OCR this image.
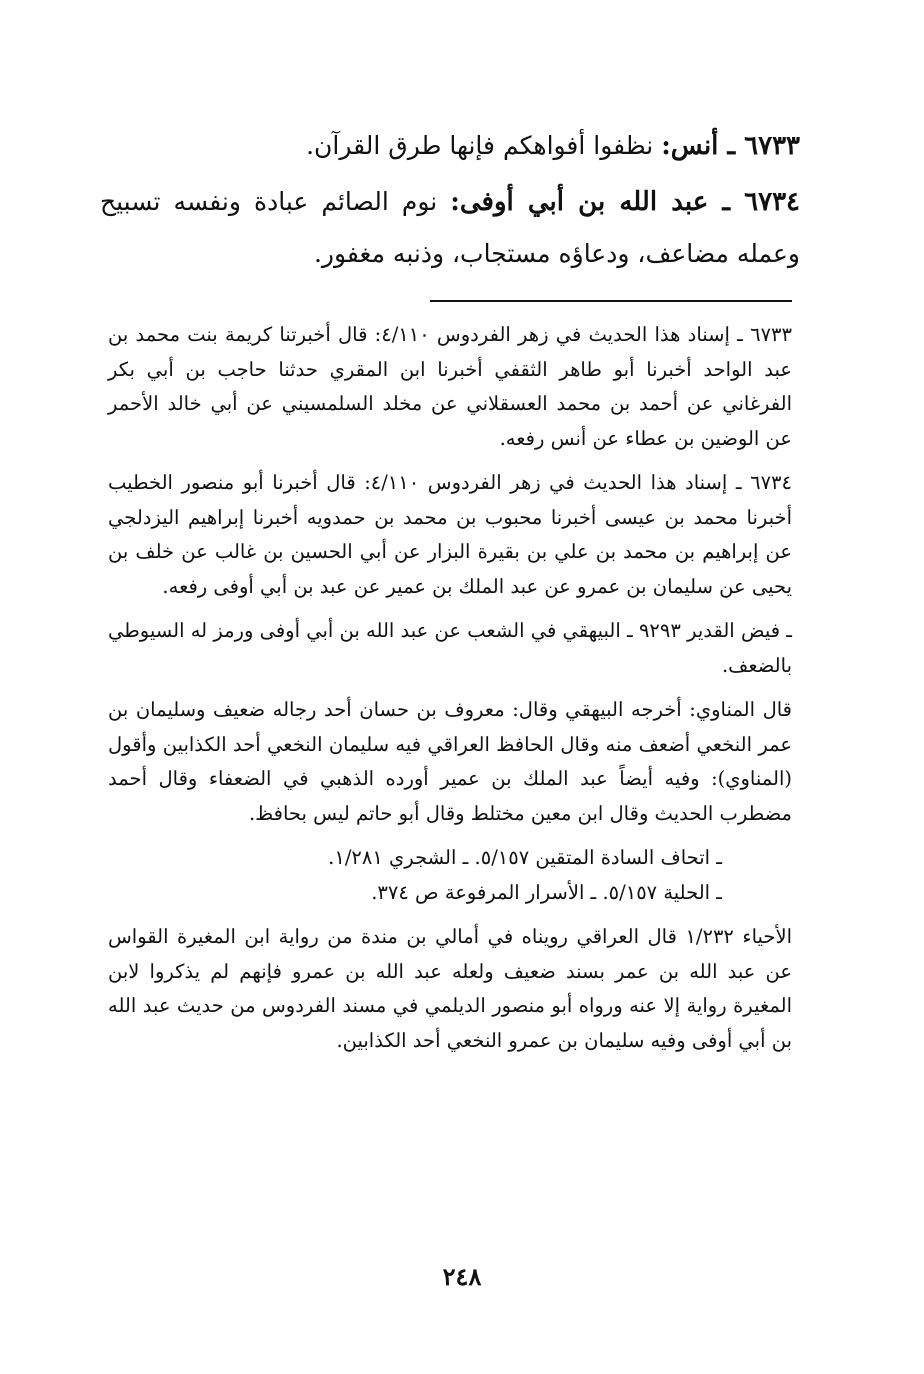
٦٧٣٣ ـ أنس: نظفوا أفواهكم فإنها طرق القرآن.

٦٧٣٤ ـ عبد الله بن أبي أوفى: نوم الصائم عبادة ونفسه تسبيح وعمله مضاعف، ودعاؤه مستجاب، وذنبه مغفور.

٦٧٣٣ ـ إسناد هذا الحديث في زهر الفردوس ٤/١١٠: قال أخبرتنا كريمة بنت محمد بن عبد الواحد أخبرنا أبو طاهر الثقفي أخبرنا ابن المقري حدثنا حاجب بن أبي بكر الفرغاني عن أحمد بن محمد العسقلاني عن مخلد السلمسيني عن أبي خالد الأحمر عن الوضين بن عطاء عن أنس رفعه.

٦٧٣٤ ـ إسناد هذا الحديث في زهر الفردوس ٤/١١٠: قال أخبرنا أبو منصور الخطيب أخبرنا محمد بن عيسى أخبرنا محبوب بن محمد بن حمدويه أخبرنا إبراهيم اليزدلجي عن إبراهيم بن محمد بن علي بن بقيرة البزار عن أبي الحسين بن غالب عن خلف بن يحيى عن سليمان بن عمرو عن عبد الملك بن عمير عن عبد بن أبي أوفى رفعه.

ـ فيض القدير ٩٢٩٣ ـ البيهقي في الشعب عن عبد الله بن أبي أوفى ورمز له السيوطي بالضعف.

قال المناوي: أخرجه البيهقي وقال: معروف بن حسان أحد رجاله ضعيف وسليمان بن عمر النخعي أضعف منه وقال الحافظ العراقي فيه سليمان النخعي أحد الكذابين وأقول (المناوي): وفيه أيضاً عبد الملك بن عمير أورده الذهبي في الضعفاء وقال أحمد مضطرب الحديث وقال ابن معين مختلط وقال أبو حاتم ليس بحافظ.

ـ اتحاف السادة المتقين ٥/١٥٧. ـ الشجري ١/٢٨١.
ـ الحلية ٥/١٥٧. ـ الأسرار المرفوعة ص ٣٧٤.

الأحياء ١/٢٣٢ قال العراقي رويناه في أمالي بن مندة من رواية ابن المغيرة القواس عن عبد الله بن عمر بسند ضعيف ولعله عبد الله بن عمرو فإنهم لم يذكروا لابن المغيرة رواية إلا عنه ورواه أبو منصور الديلمي في مسند الفردوس من حديث عبد الله بن أبي أوفى وفيه سليمان بن عمرو النخعي أحد الكذابين.

٢٤٨
